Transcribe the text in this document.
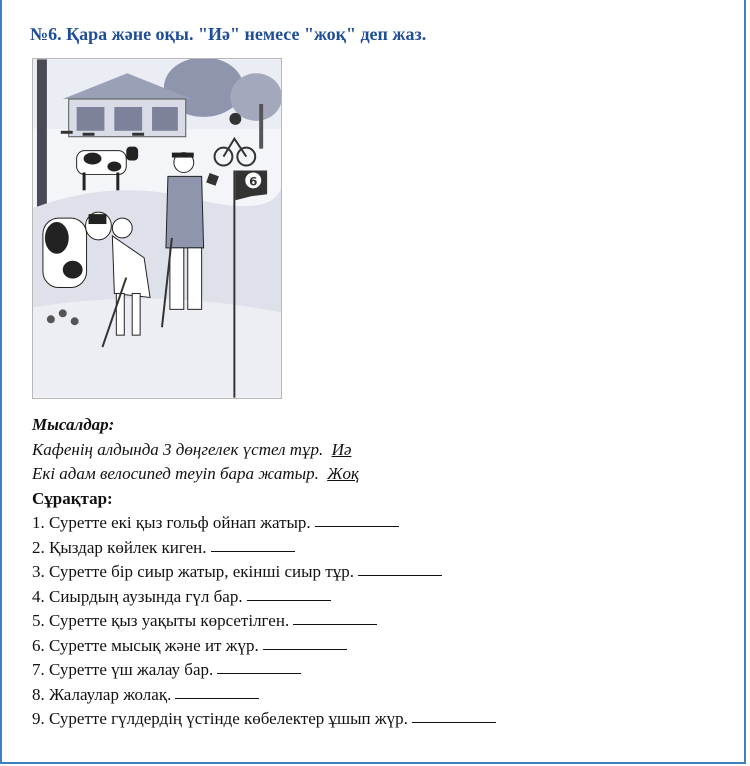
№6. Қара және оқы. "Иә" немесе "жоқ" деп жаз.
6
Мысалдар:
Кафенің алдында 3 дөңгелек үстел тұр. Иә
Екі адам велосипед теуіп бара жатыр. Жоқ
Сұрақтар:
1. Суретте екі қыз гольф ойнап жатыр.
2. Қыздар көйлек киген.
3. Суретте бір сиыр жатыр, екінші сиыр тұр.
4. Сиырдың аузында гүл бар.
5. Суретте қыз уақыты көрсетілген.
6. Суретте мысық және ит жүр.
7. Суретте үш жалау бар.
8. Жалаулар жолақ.
9. Суретте гүлдердің үстінде көбелектер ұшып жүр.
